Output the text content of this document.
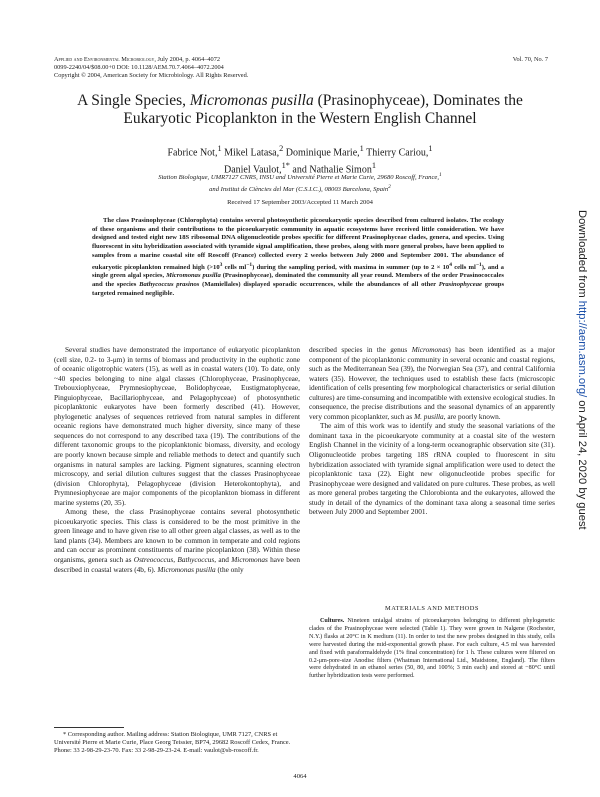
Applied and Environmental Microbiology, July 2004, p. 4064–4072
0099-2240/04/$08.00+0 DOI: 10.1128/AEM.70.7.4064–4072.2004
Copyright © 2004, American Society for Microbiology. All Rights Reserved.
Vol. 70, No. 7
A Single Species, Micromonas pusilla (Prasinophyceae), Dominates the
Eukaryotic Picoplankton in the Western English Channel
Fabrice Not,$^1$ Mikel Latasa,$^2$ Dominique Marie,$^1$ Thierry Cariou,$^1$
Daniel Vaulot,$^{1*}$ and Nathalie Simon$^1$
Station Biologique, UMR7127 CNRS, INSU and Université Pierre et Marie Curie, 29680 Roscoff, France,$^1$
and Institut de Ciències del Mar (C.S.I.C.), 08003 Barcelona, Spain$^2$
Received 17 September 2003/Accepted 11 March 2004
The class Prasinophyceae (Chlorophyta) contains several photosynthetic picoeukaryotic species described from cultured isolates. The ecology of these organisms and their contributions to the picoeukaryotic community in aquatic ecosystems have received little consideration. We have designed and tested eight new 18S ribosomal DNA oligonucleotide probes specific for different Prasinophyceae clades, genera, and species. Using fluorescent in situ hybridization associated with tyramide signal amplification, these probes, along with more general probes, have been applied to samples from a marine coastal site off Roscoff (France) collected every 2 weeks between July 2000 and September 2001. The abundance of eukaryotic picoplankton remained high ($>10^3$ cells $ml^{-1}$) during the sampling period, with maxima in summer (up to $2 \times 10^4$ cells $ml^{-1}$), and a single green algal species, Micromonas pusilla (Prasinophyceae), dominated the community all year round. Members of the order Prasinococcales and the species Bathycoccus prasinos (Mamiellales) displayed sporadic occurrences, while the abundances of all other Prasinophyceae groups targeted remained negligible.

Several studies have demonstrated the importance of eukaryotic picoplankton (cell size, 0.2- to 3-μm) in terms of biomass and productivity in the euphotic zone of oceanic oligotrophic waters (15), as well as in coastal waters (10). To date, only ~40 species belonging to nine algal classes (Chlorophyceae, Prasinophyceae, Trebouxiophyceae, Prymnesiophyceae, Bolidophyceae, Eustigmatophyceae, Pinguiophyceae, Bacillariophyceae, and Pelagophyceae) of photosynthetic picoplanktonic eukaryotes have been formerly described (41). However, phylogenetic analyses of sequences retrieved from natural samples in different oceanic regions have demonstrated much higher diversity, since many of these sequences do not correspond to any described taxa (19). The contributions of the different taxonomic groups to the picoplanktonic biomass, diversity, and ecology are poorly known because simple and reliable methods to detect and quantify such organisms in natural samples are lacking. Pigment signatures, scanning electron microscopy, and serial dilution cultures suggest that the classes Prasinophyceae (division Chlorophyta), Pelagophyceae (division Heterokontophyta), and Prymnesiophyceae are major components of the picoplankton biomass in different marine systems (20, 35).

Among these, the class Prasinophyceae contains several photosynthetic picoeukaryotic species. This class is considered to be the most primitive in the green lineage and to have given rise to all other green algal classes, as well as to the land plants (34). Members are known to be common in temperate and cold regions and can occur as prominent constituents of marine picoplankton (38). Within these organisms, genera such as Ostreococcus, Bathycoccus, and Micromonas have been described in coastal waters (4b, 6). Micromonas pusilla (the only

described species in the genus Micromonas) has been identified as a major component of the picoplanktonic community in several oceanic and coastal regions, such as the Mediterranean Sea (39), the Norwegian Sea (37), and central California waters (35). However, the techniques used to establish these facts (microscopic identification of cells presenting few morphological characteristics or serial dilution cultures) are time-consuming and incompatible with extensive ecological studies. In consequence, the precise distributions and the seasonal dynamics of an apparently very common picoplankter, such as M. pusilla, are poorly known.

The aim of this work was to identify and study the seasonal variations of the dominant taxa in the picoeukaryote community at a coastal site of the western English Channel in the vicinity of a long-term oceanographic observation site (31). Oligonucleotide probes targeting 18S rRNA coupled to fluorescent in situ hybridization associated with tyramide signal amplification were used to detect the picoplanktonic taxa (22). Eight new oligonucleotide probes specific for Prasinophyceae were designed and validated on pure cultures. These probes, as well as more general probes targeting the Chlorobionta and the eukaryotes, allowed the study in detail of the dynamics of the dominant taxa along a seasonal time series between July 2000 and September 2001.

MATERIALS AND METHODS
Cultures. Nineteen unialgal strains of picoeukaryotes belonging to different phylogenetic clades of the Prasinophyceae were selected (Table 1). They were grown in Nalgene (Rochester, N.Y.) flasks at 20°C in K medium (11). In order to test the new probes designed in this study, cells were harvested during the mid-exponential growth phase. For each culture, 4.5 ml was harvested and fixed with paraformaldehyde (1% final concentration) for 1 h. These cultures were filtered on 0.2-μm-pore-size Anodisc filters (Whatman International Ltd., Maidstone, England). The filters were dehydrated in an ethanol series (50, 80, and 100%; 3 min each) and stored at −80°C until further hybridization tests were performed.
* Corresponding author. Mailing address: Station Biologique, UMR 7127, CNRS et Université Pierre et Marie Curie, Place Georg Teissier, BP74, 29682 Roscoff Cedex, France. Phone: 33 2-98-29-23-70. Fax: 33 2-98-29-23-24. E-mail: vaulot@sb-roscoff.fr.
4064
Downloaded from http://aem.asm.org/ on April 24, 2020 by guest
